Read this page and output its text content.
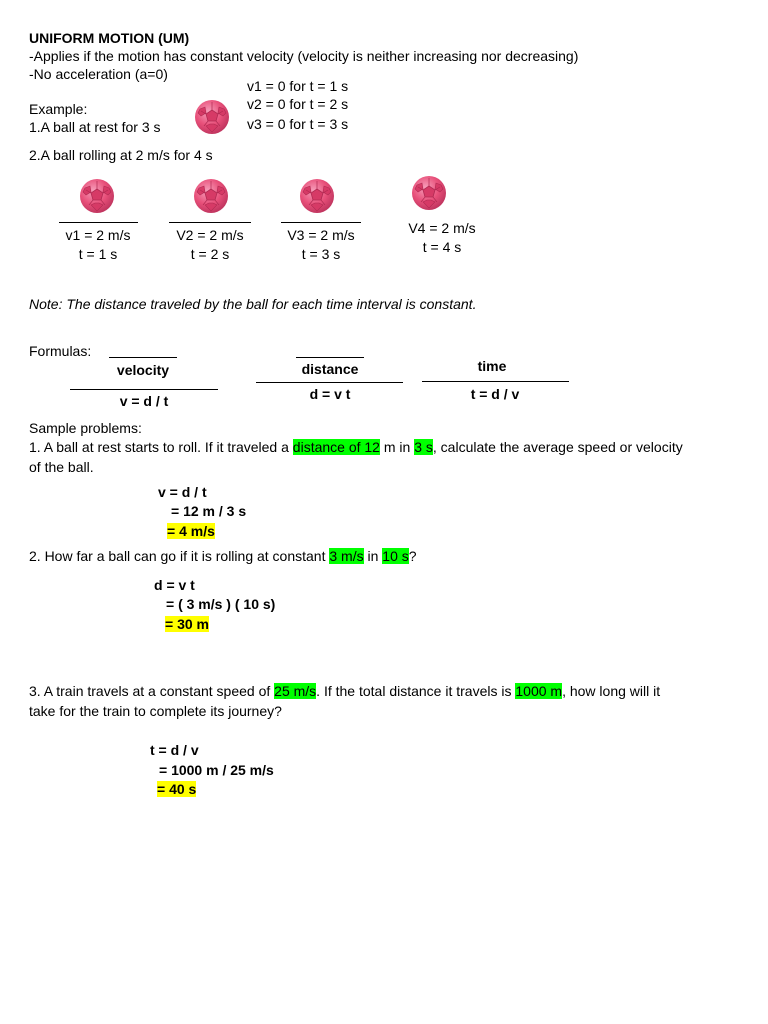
UNIFORM MOTION (UM)
-Applies if the motion has constant velocity (velocity is neither increasing nor decreasing)
-No acceleration (a=0)
v1 = 0 for t = 1 s
v2 = 0 for t = 2 s
v3 = 0 for t = 3 s
Example:
1.A ball at rest for 3 s
2.A ball rolling at 2 m/s for 4 s
v1 = 2 m/s
t = 1 s
V2 = 2 m/s
t = 2 s
V3 = 2 m/s
t = 3 s
V4 = 2 m/s
t = 4 s
Note: The distance traveled by the ball for each time interval is constant.
Formulas:
velocity
v = d / t
distance
d = v t
time
t = d / v
Sample problems:
1. A ball at rest starts to roll. If it traveled a distance of 12 m in 3 s, calculate the average speed or velocity
of the ball.
v = d / t
= 12 m / 3 s
= 4 m/s
2. How far a ball can go if it is rolling at constant 3 m/s in 10 s?
d = v t
= ( 3 m/s ) ( 10 s)
= 30 m
3. A train travels at a constant speed of 25 m/s. If the total distance it travels is 1000 m, how long will it
take for the train to complete its journey?
t = d / v
= 1000 m / 25 m/s
= 40 s
